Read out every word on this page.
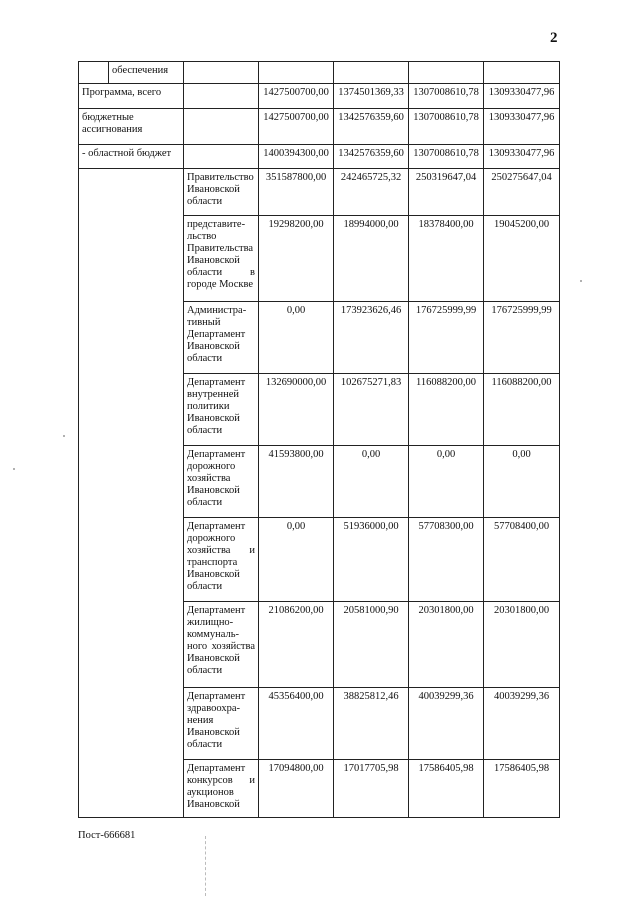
2
	обеспечения					
Программа, всего			1427500700,00	1374501369,33	1307008610,78	1309330477,96
бюджетные ассигнования			1427500700,00	1342576359,60	1307008610,78	1309330477,96
- областной бюджет			1400394300,00	1342576359,60	1307008610,78	1309330477,96
		Правительство Ивановской области	351587800,00	242465725,32	250319647,04	250275647,04
		представите-льство Правительства Ивановской области в городе Москве	19298200,00	18994000,00	18378400,00	19045200,00
		Администра-тивный Департамент Ивановской области	0,00	173923626,46	176725999,99	176725999,99
		Департамент внутренней политики Ивановской области	132690000,00	102675271,83	116088200,00	116088200,00
		Департамент дорожного хозяйства Ивановской области	41593800,00	0,00	0,00	0,00
		Департамент дорожного хозяйства и транспорта Ивановской области	0,00	51936000,00	57708300,00	57708400,00
		Департамент жилищно-коммуналь-ного хозяйства Ивановской области	21086200,00	20581000,90	20301800,00	20301800,00
		Департамент здравоохра-нения Ивановской области	45356400,00	38825812,46	40039299,36	40039299,36
		Департамент конкурсов и аукционов Ивановской	17094800,00	17017705,98	17586405,98	17586405,98
Пост-666681
